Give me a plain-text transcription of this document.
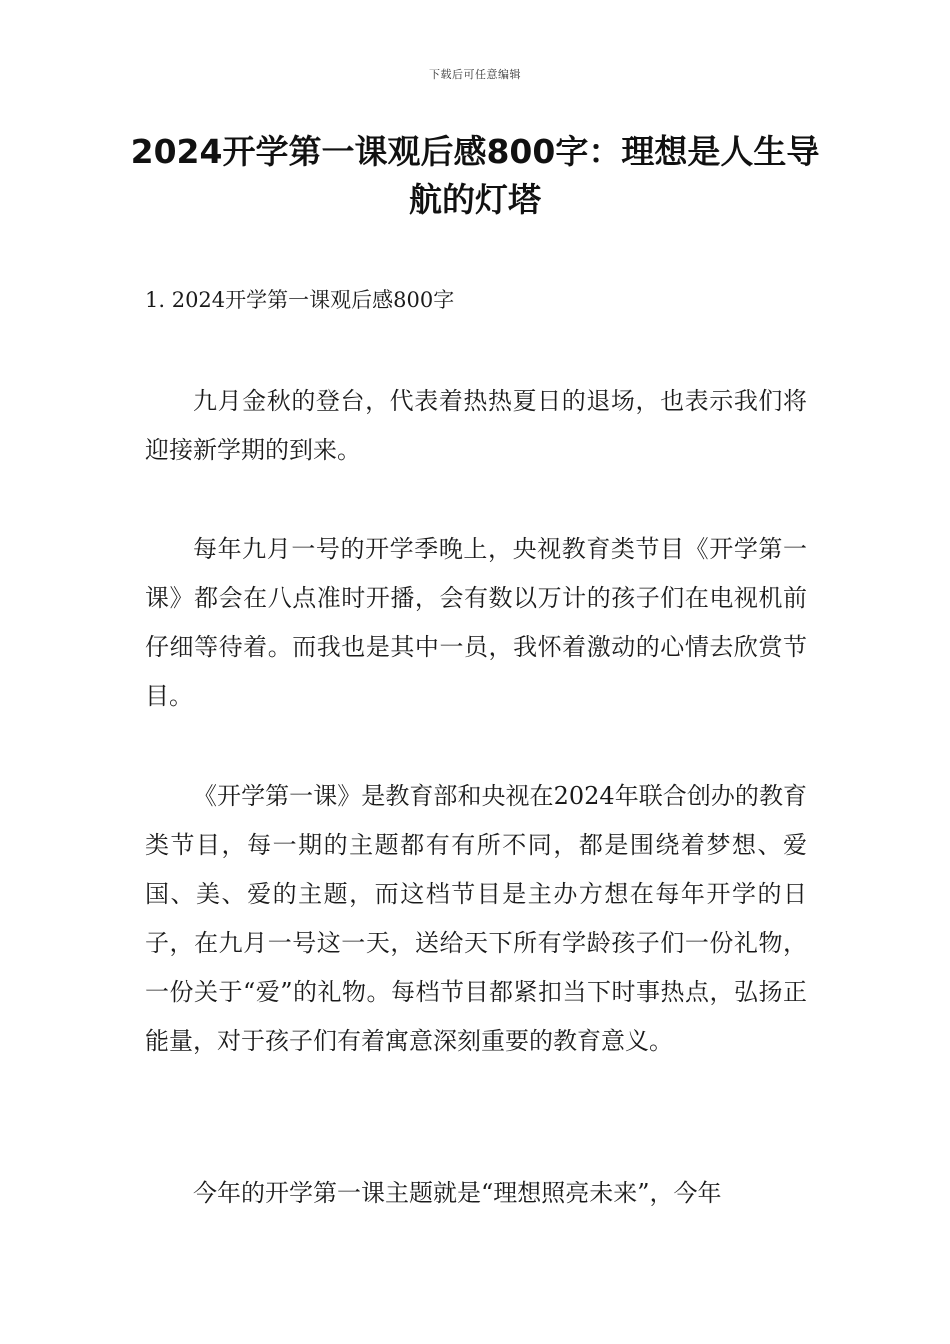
下载后可任意编辑
2024开学第一课观后感800字：理想是人生导航的灯塔

1. 2024开学第一课观后感800字

九月金秋的登台，代表着热热夏日的退场，也表示我们将迎接新学期的到来。

每年九月一号的开学季晚上，央视教育类节目《开学第一课》都会在八点准时开播，会有数以万计的孩子们在电视机前仔细等待着。而我也是其中一员，我怀着激动的心情去欣赏节目。

《开学第一课》是教育部和央视在2024年联合创办的教育类节目，每一期的主题都有有所不同，都是围绕着梦想、爱国、美、爱的主题，而这档节目是主办方想在每年开学的日子，在九月一号这一天，送给天下所有学龄孩子们一份礼物，一份关于“爱”的礼物。每档节目都紧扣当下时事热点，弘扬正能量，对于孩子们有着寓意深刻重要的教育意义。

今年的开学第一课主题就是“理想照亮未来”，今年
